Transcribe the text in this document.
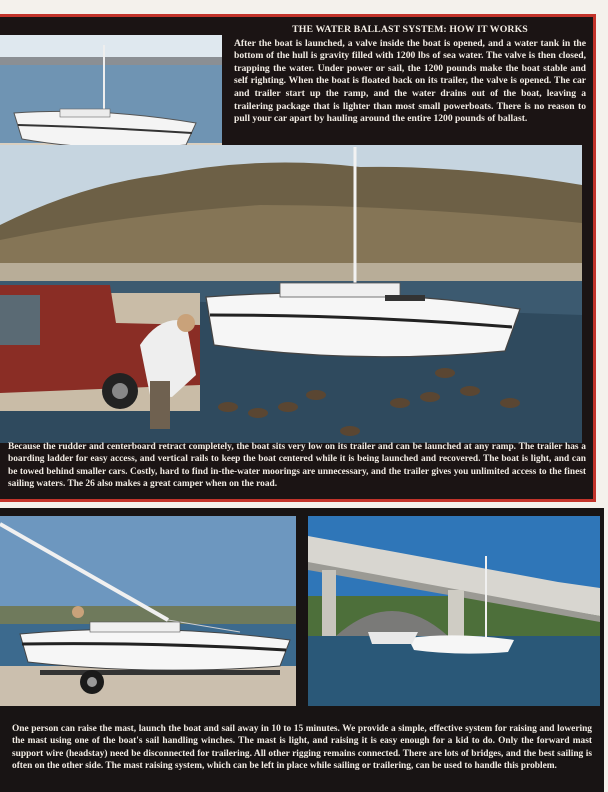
THE WATER BALLAST SYSTEM: HOW IT WORKS
After the boat is launched, a valve inside the boat is opened, and a water tank in the bottom of the hull is gravity filled with 1200 lbs of sea water. The valve is then closed, trapping the water. Under power or sail, the 1200 pounds make the boat stable and self righting. When the boat is floated back on its trailer, the valve is opened. The car and trailer start up the ramp, and the water drains out of the boat, leaving a trailering package that is lighter than most small powerboats. There is no reason to pull your car apart by hauling around the entire 1200 pounds of ballast.
Because the rudder and centerboard retract completely, the boat sits very low on its trailer and can be launched at any ramp. The trailer has a boarding ladder for easy access, and vertical rails to keep the boat centered while it is being launched and recovered. The boat is light, and can be towed behind smaller cars. Costly, hard to find in-the-water moorings are unnecessary, and the trailer gives you unlimited access to the finest sailing waters. The 26 also makes a great camper when on the road.
One person can raise the mast, launch the boat and sail away in 10 to 15 minutes. We provide a simple, effective system for raising and lowering the mast using one of the boat's sail handling winches. The mast is light, and raising it is easy enough for a kid to do. Only the forward mast support wire (headstay) need be disconnected for trailering. All other rigging remains connected. There are lots of bridges, and the best sailing is often on the other side. The mast raising system, which can be left in place while sailing or trailering, can be used to handle this problem.
